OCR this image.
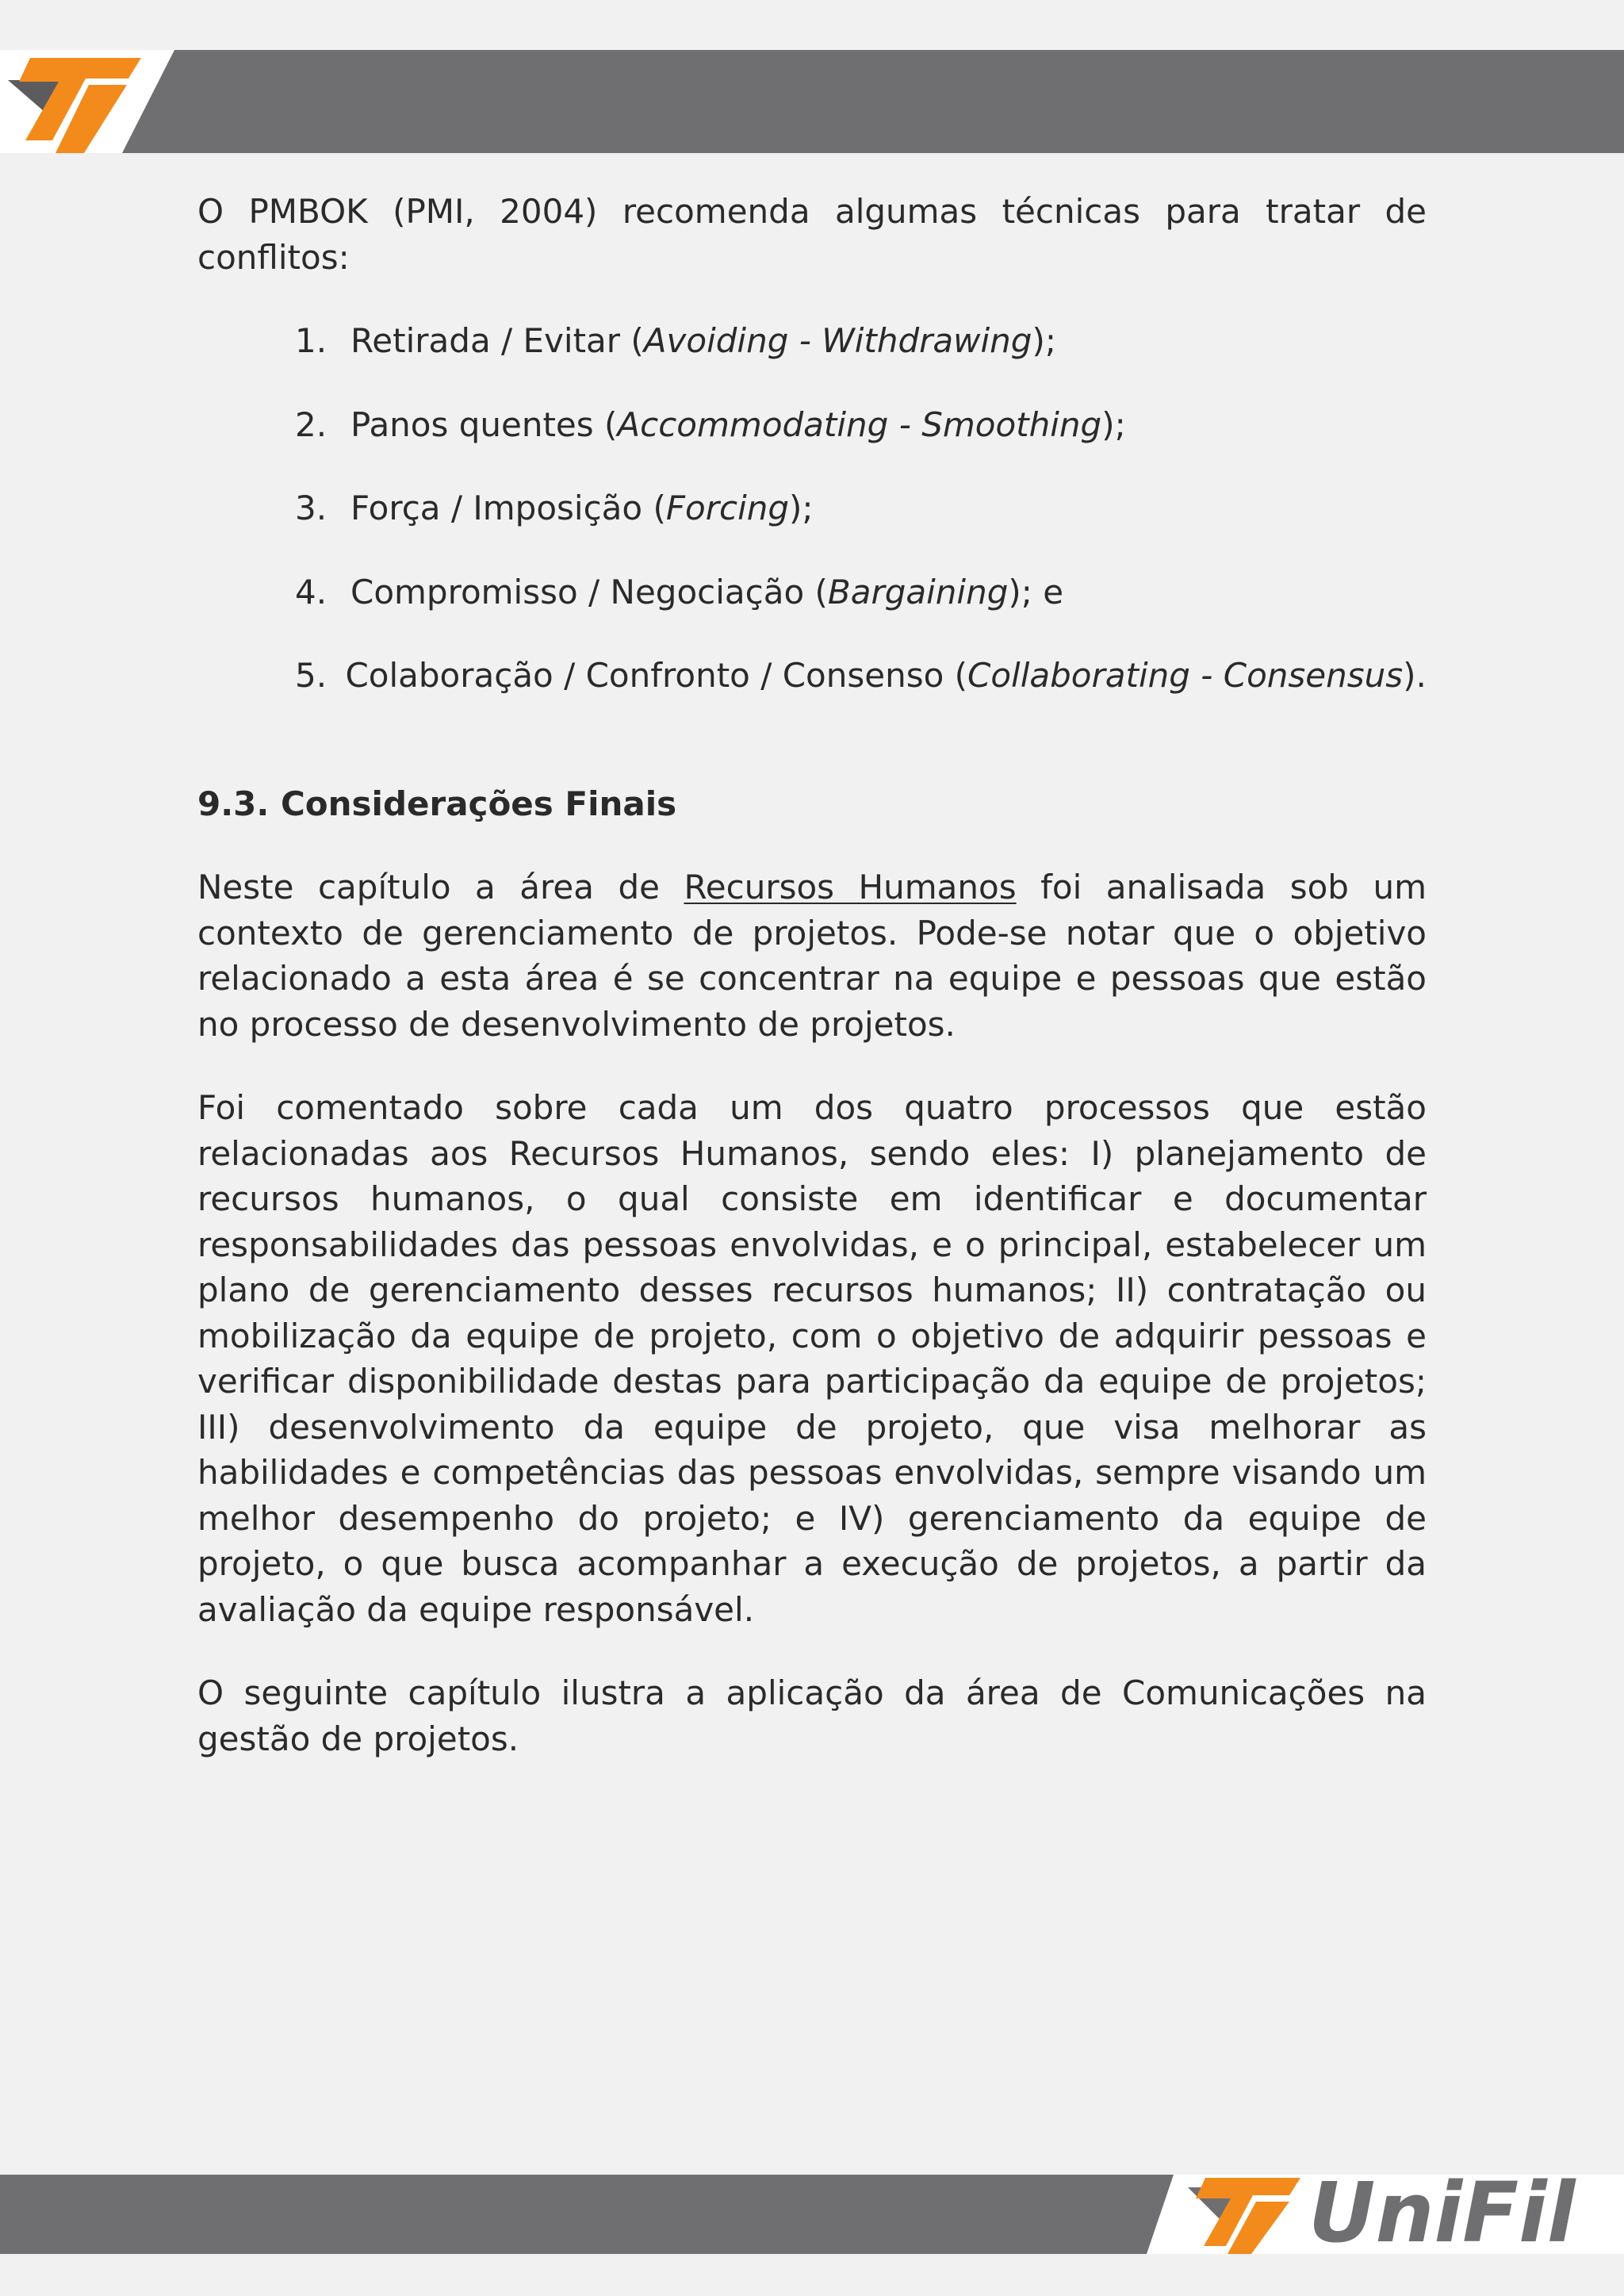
O PMBOK (PMI, 2004) recomenda algumas técnicas para tratar de conflitos:

1. Retirada / Evitar (Avoiding - Withdrawing);
2. Panos quentes (Accommodating - Smoothing);
3. Força / Imposição (Forcing);
4. Compromisso / Negociação (Bargaining); e
5. Colaboração / Confronto / Consenso (Collaborating - Consensus).
9.3. Considerações Finais

Neste capítulo a área de Recursos Humanos foi analisada sob um contexto de gerenciamento de projetos. Pode-se notar que o objetivo relacionado a esta área é se concentrar na equipe e pessoas que estão no processo de desenvolvimento de projetos.

Foi comentado sobre cada um dos quatro processos que estão relacionadas aos Recursos Humanos, sendo eles: I) planejamento de recursos humanos, o qual consiste em identificar e documentar responsabilidades das pessoas envolvidas, e o principal, estabelecer um plano de gerenciamento desses recursos humanos; II) contratação ou mobilização da equipe de projeto, com o objetivo de adquirir pessoas e verificar disponibilidade destas para participação da equipe de projetos; III) desenvolvimento da equipe de projeto, que visa melhorar as habilidades e competências das pessoas envolvidas, sempre visando um melhor desempenho do projeto; e IV) gerenciamento da equipe de projeto, o que busca acompanhar a execução de projetos, a partir da avaliação da equipe responsável.

O seguinte capítulo ilustra a aplicação da área de Comunicações na gestão de projetos.

UniFil
